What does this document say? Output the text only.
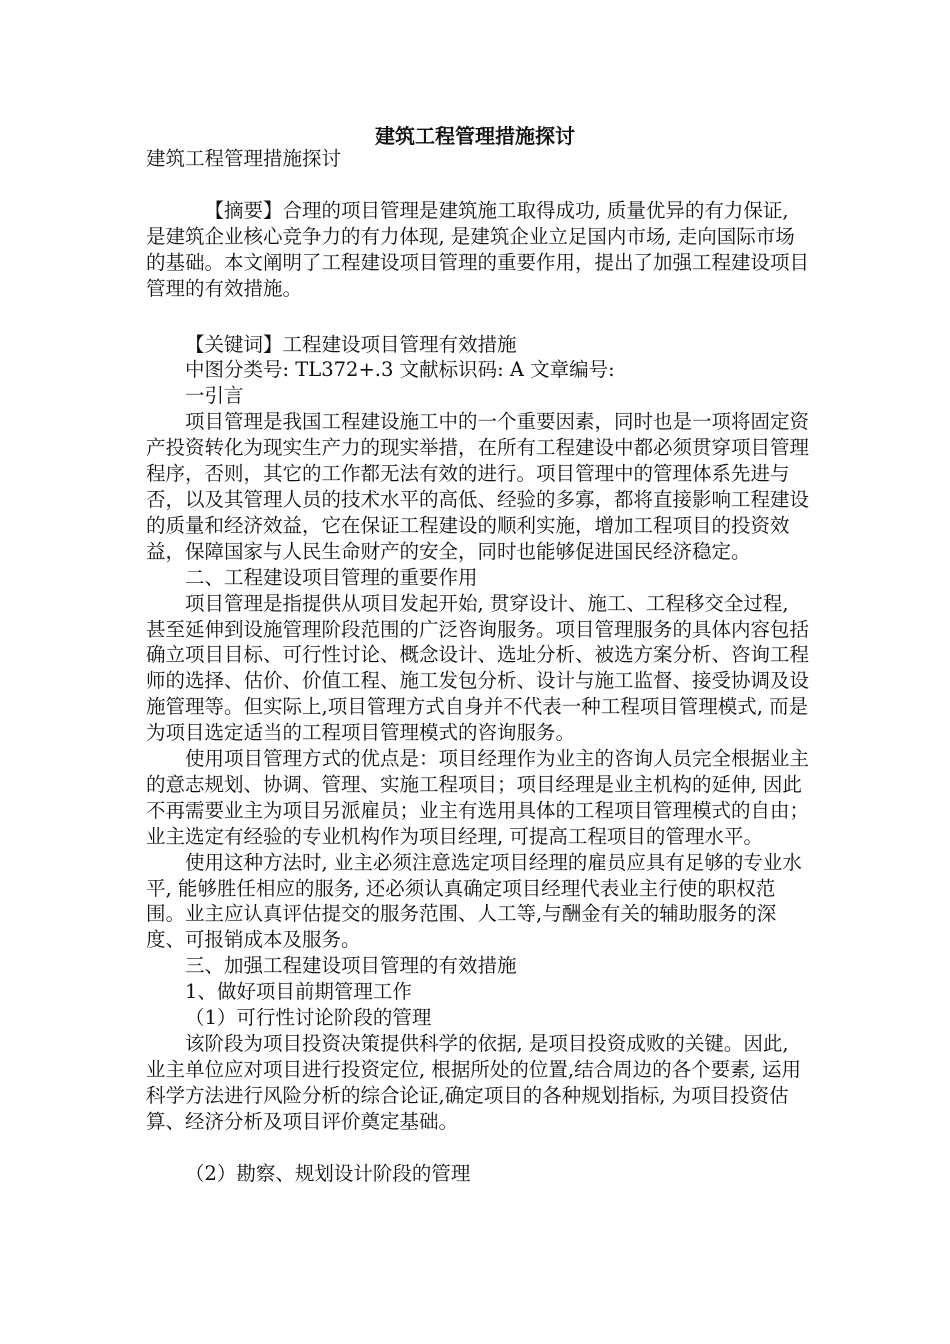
建筑工程管理措施探讨

建筑工程管理措施探讨

【摘要】合理的项目管理是建筑施工取得成功, 质量优异的有力保证, 是建筑企业核心竞争力的有力体现, 是建筑企业立足国内市场, 走向国际市场的基础。本文阐明了工程建设项目管理的重要作用，提出了加强工程建设项目管理的有效措施。

【关键词】工程建设项目管理有效措施

中图分类号: TL372+.3 文献标识码: A 文章编号:

一引言

项目管理是我国工程建设施工中的一个重要因素，同时也是一项将固定资产投资转化为现实生产力的现实举措，在所有工程建设中都必须贯穿项目管理程序，否则，其它的工作都无法有效的进行。项目管理中的管理体系先进与否，以及其管理人员的技术水平的高低、经验的多寡，都将直接影响工程建设的质量和经济效益，它在保证工程建设的顺利实施，增加工程项目的投资效益，保障国家与人民生命财产的安全，同时也能够促进国民经济稳定。

二、工程建设项目管理的重要作用

项目管理是指提供从项目发起开始, 贯穿设计、施工、工程移交全过程, 甚至延伸到设施管理阶段范围的广泛咨询服务。项目管理服务的具体内容包括确立项目目标、可行性讨论、概念设计、选址分析、被选方案分析、咨询工程师的选择、估价、价值工程、施工发包分析、设计与施工监督、接受协调及设施管理等。但实际上,项目管理方式自身并不代表一种工程项目管理模式, 而是为项目选定适当的工程项目管理模式的咨询服务。

使用项目管理方式的优点是：项目经理作为业主的咨询人员完全根据业主的意志规划、协调、管理、实施工程项目；项目经理是业主机构的延伸, 因此不再需要业主为项目另派雇员；业主有选用具体的工程项目管理模式的自由；业主选定有经验的专业机构作为项目经理, 可提高工程项目的管理水平。

使用这种方法时, 业主必须注意选定项目经理的雇员应具有足够的专业水平, 能够胜任相应的服务, 还必须认真确定项目经理代表业主行使的职权范围。业主应认真评估提交的服务范围、人工等,与酬金有关的辅助服务的深度、可报销成本及服务。

三、加强工程建设项目管理的有效措施

1、做好项目前期管理工作

（1）可行性讨论阶段的管理

该阶段为项目投资决策提供科学的依据, 是项目投资成败的关键。因此, 业主单位应对项目进行投资定位, 根据所处的位置,结合周边的各个要素, 运用科学方法进行风险分析的综合论证,确定项目的各种规划指标, 为项目投资估算、经济分析及项目评价奠定基础。

（2）勘察、规划设计阶段的管理
